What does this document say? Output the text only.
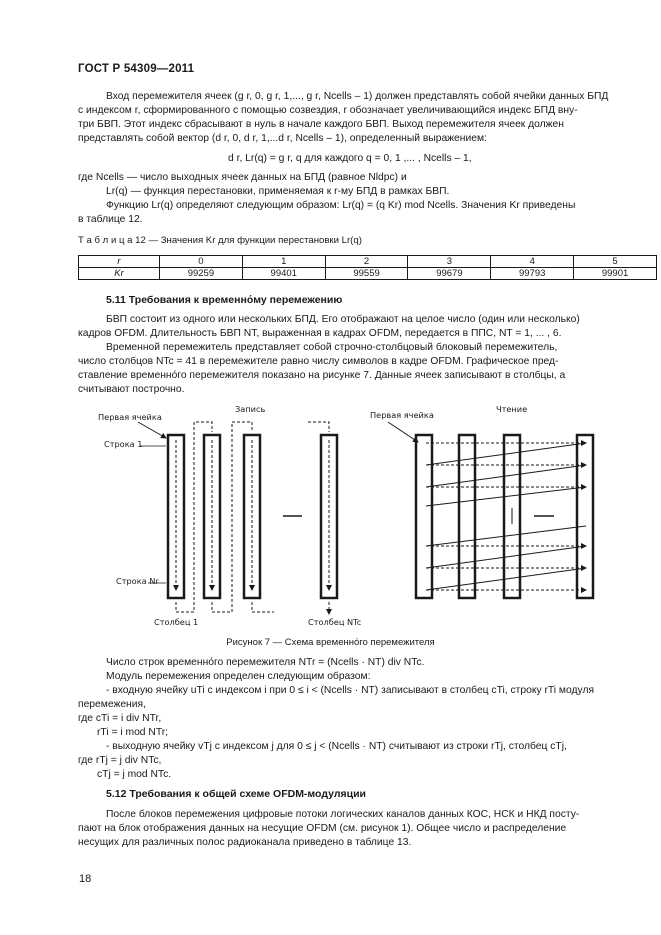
ГОСТ Р 54309—2011
Вход перемежителя ячеек (g r, 0, g r, 1,..., g r, Ncells – 1) должен представлять собой ячейки данных БПД
с индексом r, сформированного с помощью созвездия, r обозначает увеличивающийся индекс БПД вну-
три БВП. Этот индекс сбрасывают в нуль в начале каждого БВП. Выход перемежителя ячеек должен
представлять собой вектор (d r, 0, d r, 1,...d r, Ncells – 1), определенный выражением:
d r, Lr(q) = g r, q для каждого q = 0, 1 ,... , Ncells – 1,
где Ncells — число выходных ячеек данных на БПД (равное Nldpc) и
Lr(q) — функция перестановки, применяемая к r-му БПД в рамках БВП.
Функцию Lr(q) определяют следующим образом: Lr(q) = (q Kr) mod Ncells. Значения Kr приведены
в таблице 12.
Т а б л и ц а 12 — Значения Kr для функции перестановки Lr(q)
r	0	1	2	3	4	5
Kr	99259	99401	99559	99679	99793	99901
5.11 Требования к временно́му перемежению
БВП состоит из одного или нескольких БПД. Его отображают на целое число (один или несколько)
кадров OFDM. Длительность БВП NT, выраженная в кадрах OFDM, передается в ППС, NT = 1, ... , 6.
Временной перемежитель представляет собой строчно-столбцовый блоковый перемежитель,
число столбцов NTc = 41 в перемежителе равно числу символов в кадре OFDM. Графическое пред-
ставление временно́го перемежителя показано на рисунке 7. Данные ячеек записывают в столбцы, а
считывают построчно.
Первая ячейка
Запись
Строка 1
Строка Nr
Столбец 1	Столбец NTc
Первая ячейка
Чтение
Рисунок 7 — Схема временно́го перемежителя
Число строк временно́го перемежителя NTr = (Ncells · NT) div NTc.
Модуль перемежения определен следующим образом:
- входную ячейку uTi с индексом i при 0 ≤ i < (Ncells · NT) записывают в столбец cTi, строку rTi модуля
перемежения,
где cTi = i div NTr,
rTi = i mod NTr;
- выходную ячейку vTj с индексом j для 0 ≤ j < (Ncells · NT) считывают из строки rTj, столбец cTj,
где rTj = j div NTc,
cTj = j mod NTc.
5.12 Требования к общей схеме OFDM-модуляции
После блоков перемежения цифровые потоки логических каналов данных КОС, НСК и НКД посту-
пают на блок отображения данных на несущие OFDM (см. рисунок 1). Общее число и распределение
несущих для различных полос радиоканала приведено в таблице 13.
18
